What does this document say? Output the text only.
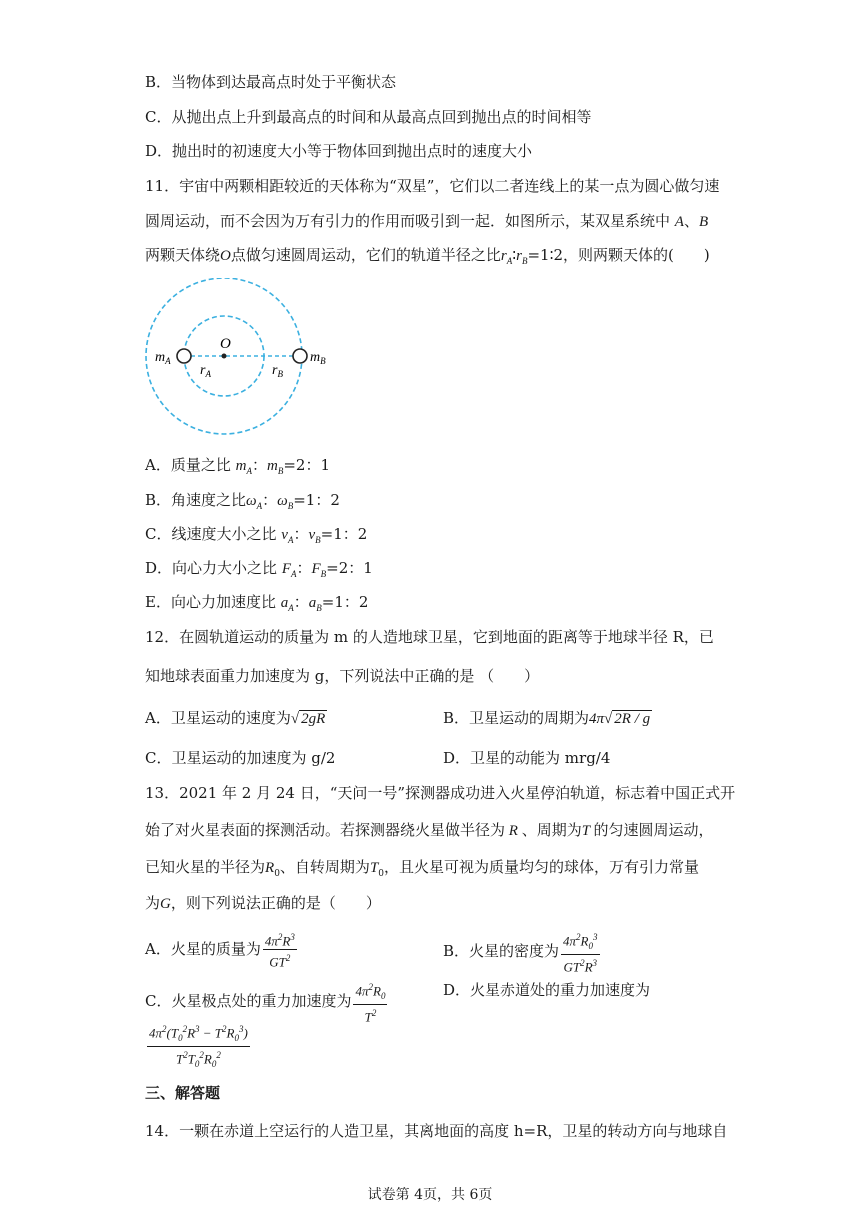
B．当物体到达最高点时处于平衡状态
C．从抛出点上升到最高点的时间和从最高点回到抛出点的时间相等
D．抛出时的初速度大小等于物体回到抛出点时的速度大小
11．宇宙中两颗相距较近的天体称为“双星”，它们以二者连线上的某一点为圆心做匀速
圆周运动，而不会因为万有引力的作用而吸引到一起．如图所示，某双星系统中 A、B
两颗天体绕O点做匀速圆周运动，它们的轨道半径之比$r_A∶r_B=1∶2$，则两颗天体的(　　)
O
$m_A$	$m_B$
$r_A$	$r_B$
A．质量之比 $m_A$：$m_B=2$：1
B．角速度之比$\omega_A$：$\omega_B=1$：2
C．线速度大小之比 $v_A$：$v_B=1$：2
D．向心力大小之比 $F_A$：$F_B=2$：1
E．向心力加速度比 $a_A$：$a_B=1$：2
12．在圆轨道运动的质量为 m 的人造地球卫星，它到地面的距离等于地球半径 R，已
知地球表面重力加速度为 g，下列说法中正确的是 （　　）
A．卫星运动的速度为√ 2gR	B．卫星运动的周期为4π√ 2R / g
C．卫星运动的加速度为 g/2	D．卫星的动能为 mrg/4
13．2021 年 2 月 24 日，“天问一号”探测器成功进入火星停泊轨道，标志着中国正式开
始了对火星表面的探测活动。若探测器绕火星做半径为 R 、周期为T 的匀速圆周运动，
已知火星的半径为$R_0$、自转周期为$T_0$，且火星可视为质量均匀的球体，万有引力常量
为G，则下列说法正确的是（　　）
A．火星的质量为 $\frac{4\pi^2R^3}{GT^2}$	B．火星的密度为 $\frac{4\pi^2R_0^3}{GT^2R^3}$
C．火星极点处的重力加速度为 $\frac{4\pi^2R_0}{T^2}$	D．火星赤道处的重力加速度为
$\frac{4\pi^2(T_0^2R^3 - T^2R_0^3)}{T^2T_0^2R_0^2}$
三、解答题
14．一颗在赤道上空运行的人造卫星，其离地面的高度 h=R，卫星的转动方向与地球自
试卷第 4页，共 6页
